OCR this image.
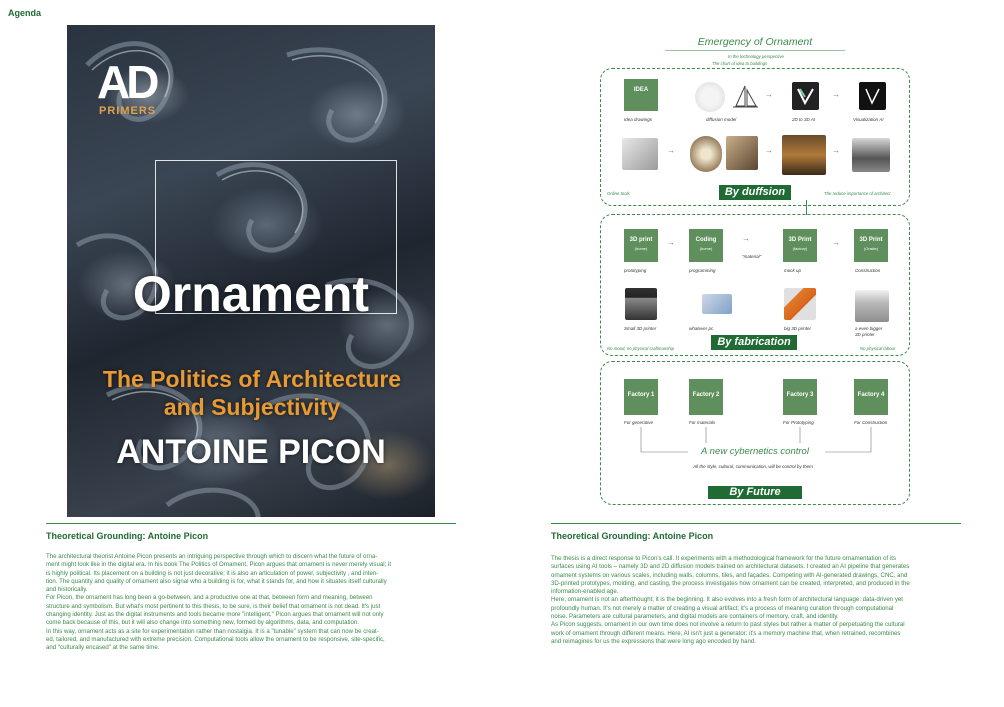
Agenda
AD
PRIMERS
Ornament
The Politics of Architecture
and Subjectivity
ANTOINE PICON
Theoretical Grounding: Antoine Picon

The architectural theorist Antoine Picon presents an intriguing perspective through which to discern what the future of orna-

ment might look like in the digital era. In his book The Politics of Ornament, Picon argues that ornament is never merely visual; it

is highly political. Its placement on a building is not just decorative; it is also an articulation of power, subjectivity , and inten-

tion. The quantity and quality of ornament also signal who a building is for, what it stands for, and how it situates itself culturally

and historically.

For Picon, the ornament has long been a go-between, and a productive one at that, between form and meaning, between

structure and symbolism. But what's most pertinent to this thesis, to be sure, is their belief that ornament is not dead. It's just

changing identity. Just as the digital instruments and tools became more "intelligent," Picon argues that ornament will not only

come back because of this, but it will also change into something new, formed by algorithms, data, and computation.

In this way, ornament acts as a site for experimentation rather than nostalgia. It is a "tunable" system that can now be creat-

ed, tailored, and manufactured with extreme precision. Computational tools allow the ornament to be responsive, site-specific,

and "culturally encased" at the same time.

Theoretical Grounding: Antoine Picon

The thesis is a direct response to Picon's call. It experiments with a methodological framework for the future ornamentation of its

surfaces using AI tools – namely 3D and 2D diffusion models trained on architectural datasets. I created an AI pipeline that generates

ornament systems on various scales, including walls, columns, tiles, and façades. Competing with AI-generated drawings, CNC, and

3D-printed prototypes, molding, and casting, the process investigates how ornament can be created, interpreted, and produced in the

information-enabled age.

Here, ornament is not an afterthought; it is the beginning. It also evolves into a fresh form of architectural language: data-driven yet

profoundly human. It's not merely a matter of creating a visual artifact; it's a process of meaning curation through computational

noise. Parameters are cultural parameters, and digital models are containers of memory, craft, and identity.

As Picon suggests, ornament in our own time does not involve a return to past styles but rather a matter of perpetuating the cultural

work of ornament through different means. Here, AI isn't just a generator; it's a memory machine that, when retrained, recombines

and reimagines for us the expressions that were long ago encoded by hand.

Emergency of Ornament
In the technology perspective
The chart of idea to buildings
IDEA	→	→
Idea drawings	diffusion model	2D to 3D AI	Visualization AI
→	→	→
Online tools	The reduce importance of architect
By duffsion
3D print
(home)
→	Coding
(home)
→
"material"
3D Print
(factory)
→	3D Print
(Onsite)
prototyping	programming	mock up	Construction
Small 3D printer	whatever pc	big 3D printer	a even bigger
3D printer
No mood, no physical craftmanship	No physical labour
By fabrication
Factory 1	Factory 2	Factory 3	Factory 4
For generative	For materials	For Prototyping	For Construction
A new cybernetics control
All the style, cultural, communication, will be control by them
By Future
